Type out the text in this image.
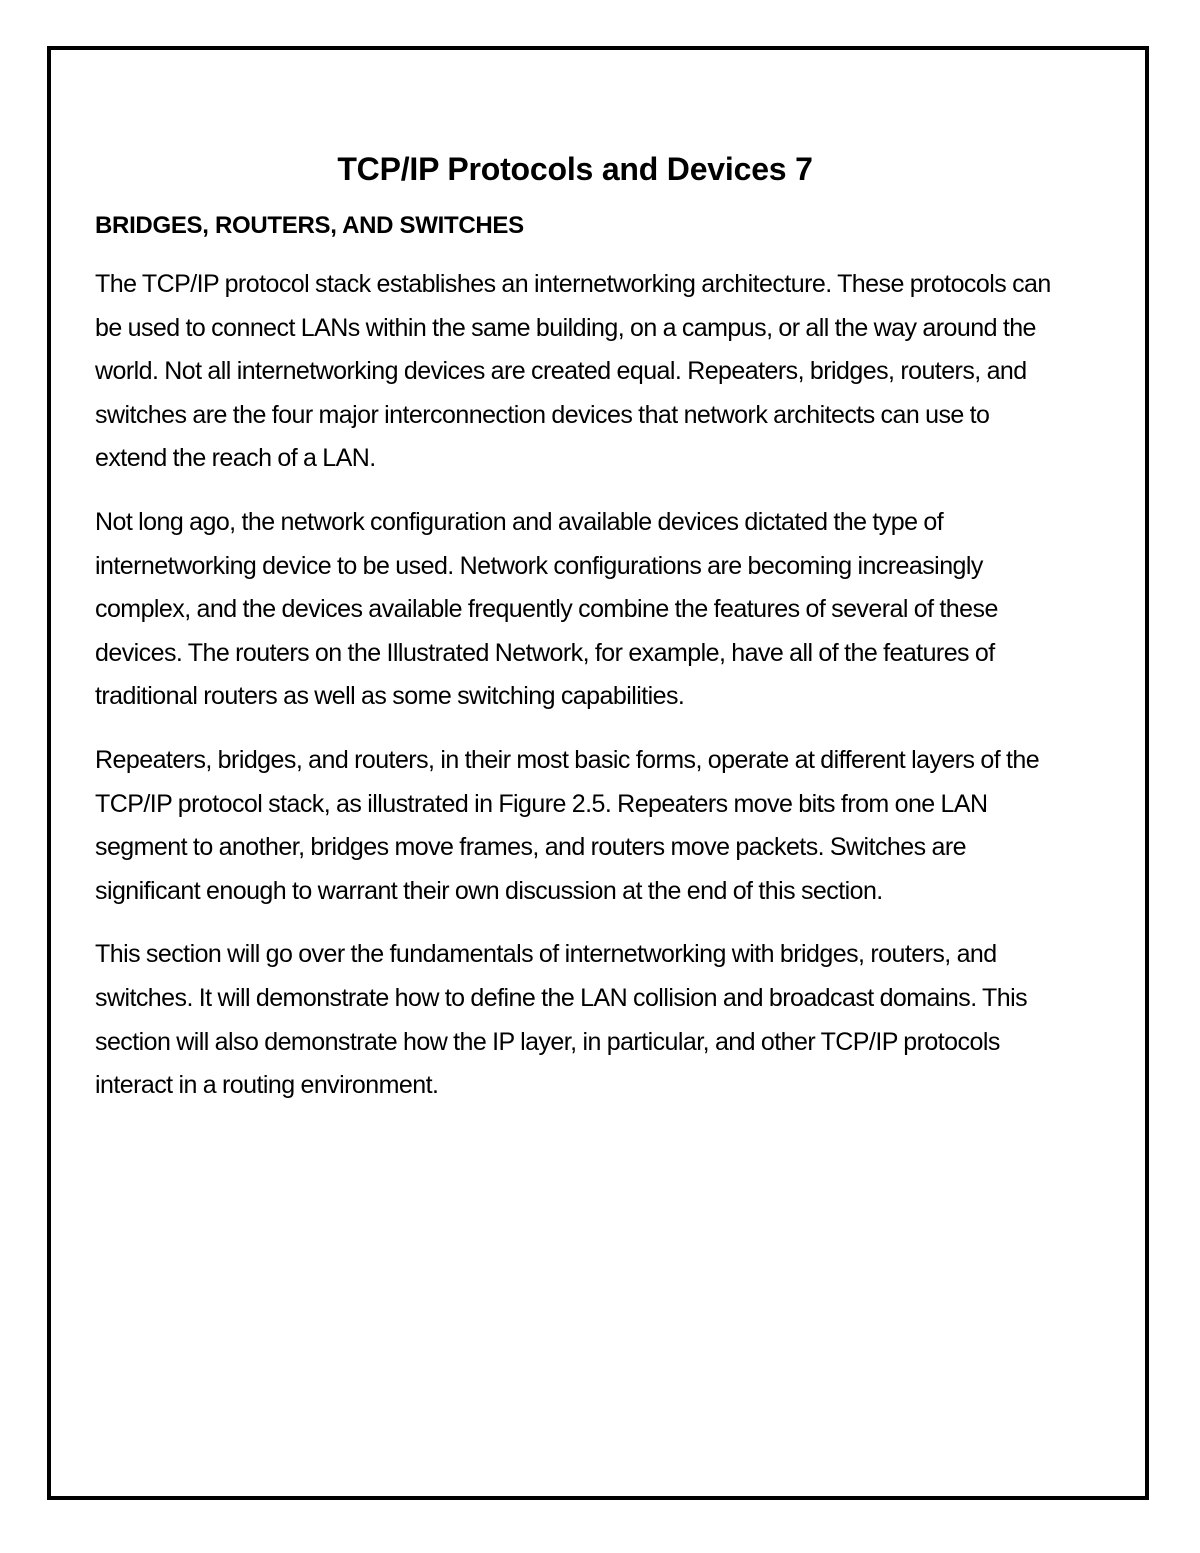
TCP/IP Protocols and Devices 7
BRIDGES, ROUTERS, AND SWITCHES

The TCP/IP protocol stack establishes an internetworking architecture. These protocols can be used to connect LANs within the same building, on a campus, or all the way around the world. Not all internetworking devices are created equal. Repeaters, bridges, routers, and switches are the four major interconnection devices that network architects can use to extend the reach of a LAN.

Not long ago, the network configuration and available devices dictated the type of internetworking device to be used. Network configurations are becoming increasingly complex, and the devices available frequently combine the features of several of these devices. The routers on the Illustrated Network, for example, have all of the features of traditional routers as well as some switching capabilities.

Repeaters, bridges, and routers, in their most basic forms, operate at different layers of the TCP/IP protocol stack, as illustrated in Figure 2.5. Repeaters move bits from one LAN segment to another, bridges move frames, and routers move packets. Switches are significant enough to warrant their own discussion at the end of this section.

This section will go over the fundamentals of internetworking with bridges, routers, and switches. It will demonstrate how to define the LAN collision and broadcast domains. This section will also demonstrate how the IP layer, in particular, and other TCP/IP protocols interact in a routing environment.
